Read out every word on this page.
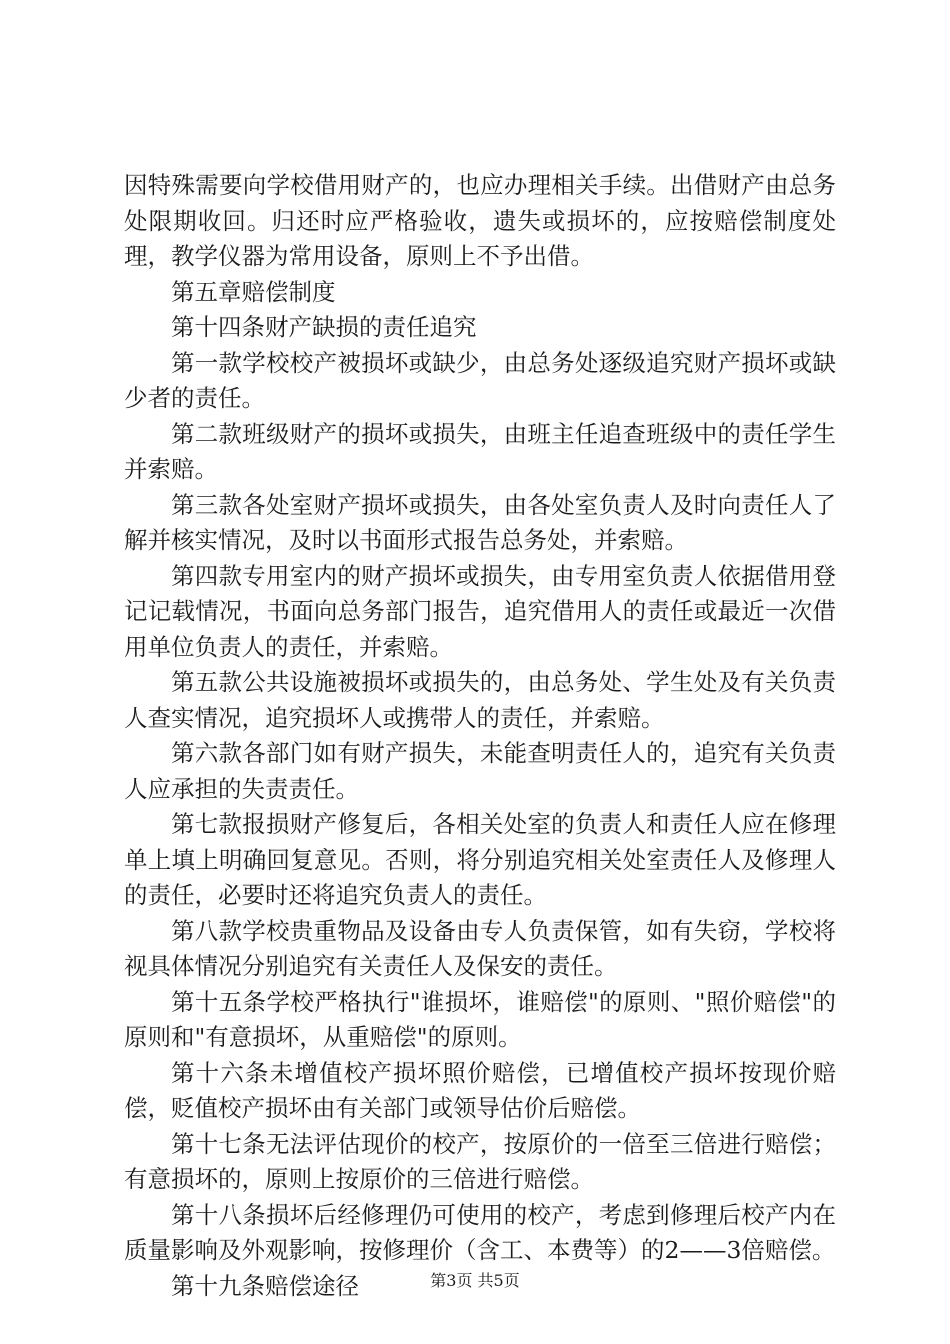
因特殊需要向学校借用财产的，也应办理相关手续。出借财产由总务处限期收回。归还时应严格验收，遗失或损坏的，应按赔偿制度处理，教学仪器为常用设备，原则上不予出借。

第五章赔偿制度

第十四条财产缺损的责任追究

第一款学校校产被损坏或缺少，由总务处逐级追究财产损坏或缺少者的责任。

第二款班级财产的损坏或损失，由班主任追查班级中的责任学生并索赔。

第三款各处室财产损坏或损失，由各处室负责人及时向责任人了解并核实情况，及时以书面形式报告总务处，并索赔。

第四款专用室内的财产损坏或损失，由专用室负责人依据借用登记记载情况，书面向总务部门报告，追究借用人的责任或最近一次借用单位负责人的责任，并索赔。

第五款公共设施被损坏或损失的，由总务处、学生处及有关负责人查实情况，追究损坏人或携带人的责任，并索赔。

第六款各部门如有财产损失，未能查明责任人的，追究有关负责人应承担的失责责任。

第七款报损财产修复后，各相关处室的负责人和责任人应在修理单上填上明确回复意见。否则，将分别追究相关处室责任人及修理人的责任，必要时还将追究负责人的责任。

第八款学校贵重物品及设备由专人负责保管，如有失窃，学校将视具体情况分别追究有关责任人及保安的责任。

第十五条学校严格执行"谁损坏，谁赔偿"的原则、"照价赔偿"的原则和"有意损坏，从重赔偿"的原则。

第十六条未增值校产损坏照价赔偿，已增值校产损坏按现价赔偿，贬值校产损坏由有关部门或领导估价后赔偿。

第十七条无法评估现价的校产，按原价的一倍至三倍进行赔偿；有意损坏的，原则上按原价的三倍进行赔偿。

第十八条损坏后经修理仍可使用的校产，考虑到修理后校产内在质量影响及外观影响，按修理价（含工、本费等）的2——3倍赔偿。

第十九条赔偿途径	第3页 共5页
